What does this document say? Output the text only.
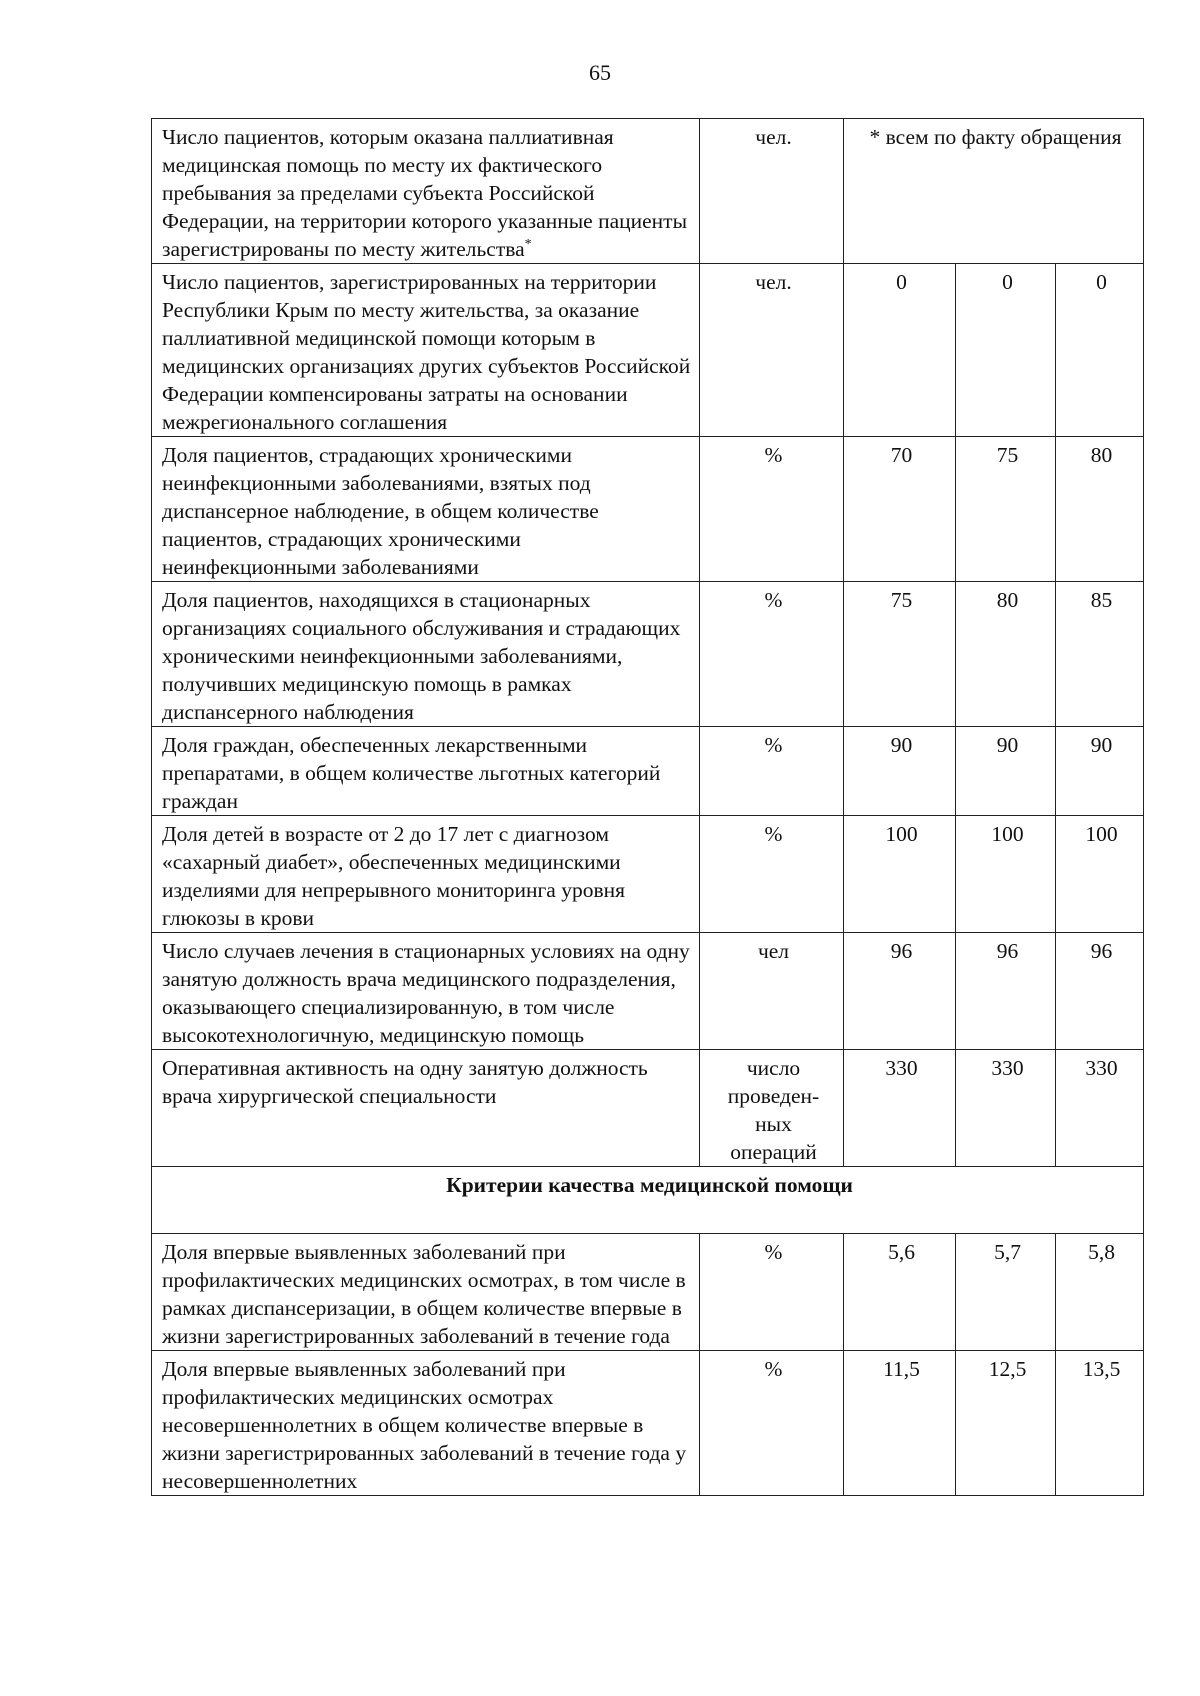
65
Число пациентов, которым оказана паллиативная медицинская помощь по месту их фактического пребывания за пределами субъекта Российской Федерации, на территории которого указанные пациенты зарегистрированы по месту жительства*	чел.	* всем по факту обращения		
Число пациентов, зарегистрированных на территории Республики Крым по месту жительства, за оказание паллиативной медицинской помощи которым в медицинских организациях других субъектов Российской Федерации компенсированы затраты на основании межрегионального соглашения	чел.	0	0	0
Доля пациентов, страдающих хроническими неинфекционными заболеваниями, взятых под диспансерное наблюдение, в общем количестве пациентов, страдающих хроническими неинфекционными заболеваниями	%	70	75	80
Доля пациентов, находящихся в стационарных организациях социального обслуживания и страдающих хроническими неинфекционными заболеваниями, получивших медицинскую помощь в рамках диспансерного наблюдения	%	75	80	85
Доля граждан, обеспеченных лекарственными препаратами, в общем количестве льготных категорий граждан	%	90	90	90
Доля детей в возрасте от 2 до 17 лет с диагнозом «сахарный диабет», обеспеченных медицинскими изделиями для непрерывного мониторинга уровня глюкозы в крови	%	100	100	100
Число случаев лечения в стационарных условиях на одну занятую должность врача медицинского подразделения, оказывающего специализированную, в том числе высокотехнологичную, медицинскую помощь	чел	96	96	96
Оперативная активность на одну занятую должность врача хирургической специальности	число проведен-ных операций	330	330	330
Критерии качества медицинской помощи				
Доля впервые выявленных заболеваний при профилактических медицинских осмотрах, в том числе в рамках диспансеризации, в общем количестве впервые в жизни зарегистрированных заболеваний в течение года	%	5,6	5,7	5,8
Доля впервые выявленных заболеваний при профилактических медицинских осмотрах несовершеннолетних в общем количестве впервые в жизни зарегистрированных заболеваний в течение года у несовершеннолетних	%	11,5	12,5	13,5
